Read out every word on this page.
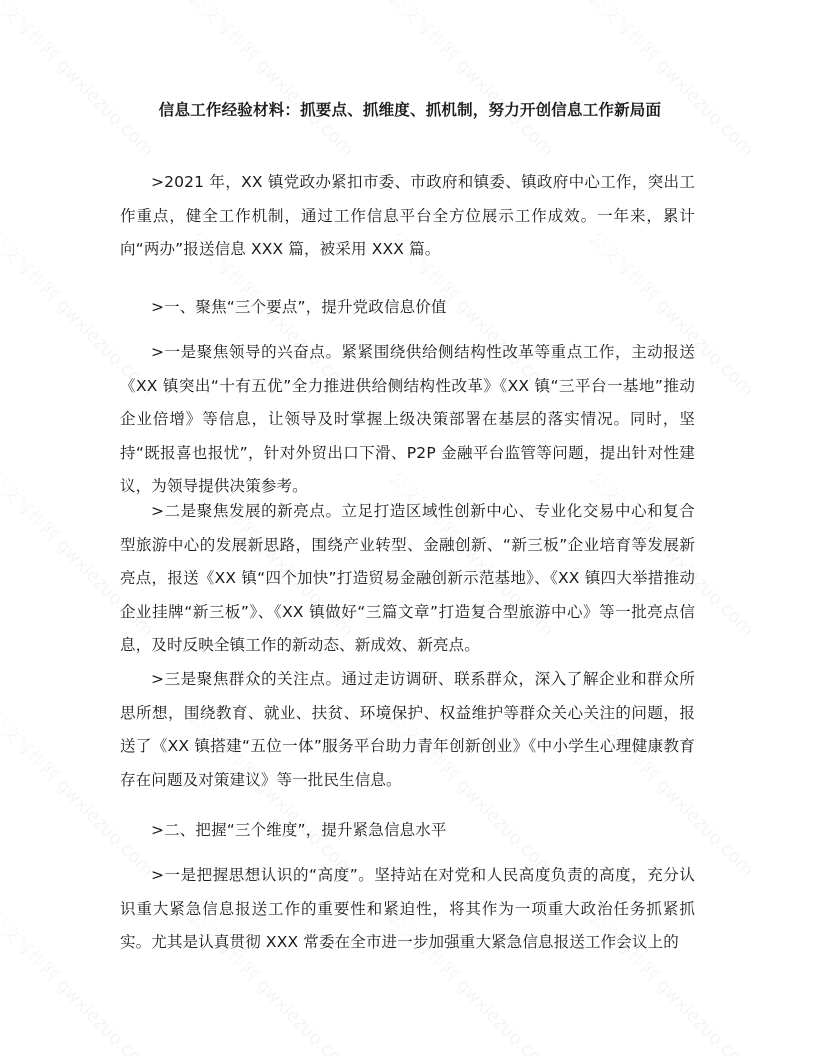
信息工作经验材料：抓要点、抓维度、抓机制，努力开创信息工作新局面

>2021 年，XX 镇党政办紧扣市委、市政府和镇委、镇政府中心工作，突出工作重点，健全工作机制，通过工作信息平台全方位展示工作成效。一年来，累计向“两办”报送信息 XXX 篇，被采用 XXX 篇。

>一、聚焦“三个要点”，提升党政信息价值

>一是聚焦领导的兴奋点。紧紧围绕供给侧结构性改革等重点工作，主动报送《XX 镇突出“十有五优”全力推进供给侧结构性改革》《XX 镇“三平台一基地”推动企业倍增》等信息，让领导及时掌握上级决策部署在基层的落实情况。同时，坚持“既报喜也报忧”，针对外贸出口下滑、P2P 金融平台监管等问题，提出针对性建议，为领导提供决策参考。

>二是聚焦发展的新亮点。立足打造区域性创新中心、专业化交易中心和复合型旅游中心的发展新思路，围绕产业转型、金融创新、“新三板”企业培育等发展新亮点，报送《XX 镇“四个加快”打造贸易金融创新示范基地》、《XX 镇四大举措推动企业挂牌“新三板”》、《XX 镇做好“三篇文章”打造复合型旅游中心》等一批亮点信息，及时反映全镇工作的新动态、新成效、新亮点。

>三是聚焦群众的关注点。通过走访调研、联系群众，深入了解企业和群众所思所想，围绕教育、就业、扶贫、环境保护、权益维护等群众关心关注的问题，报送了《XX 镇搭建“五位一体”服务平台助力青年创新创业》《中小学生心理健康教育存在问题及对策建议》等一批民生信息。

>二、把握“三个维度”，提升紧急信息水平

>一是把握思想认识的“高度”。坚持站在对党和人民高度负责的高度，充分认识重大紧急信息报送工作的重要性和紧迫性，将其作为一项重大政治任务抓紧抓实。尤其是认真贯彻 XXX 常委在全市进一步加强重大紧急信息报送工作会议上的
